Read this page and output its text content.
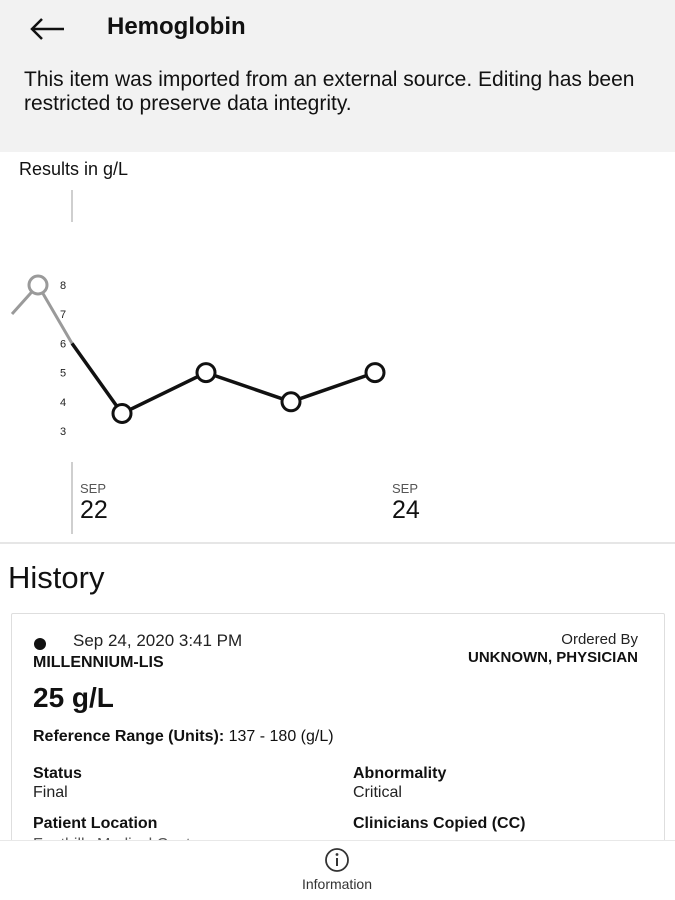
Hemoglobin
This item was imported from an external source. Editing has been restricted to preserve data integrity.
Results in g/L
3
4
5
6
7
8
SEP
22
SEP
24
History
Sep 24, 2020 3:41 PM
MILLENNIUM-LIS
Ordered By
UNKNOWN, PHYSICIAN
25 g/L
Reference Range (Units): 137 - 180 (g/L)
Status
Final
Abnormality
Critical
Patient Location	Clinicians Copied (CC)
Information
